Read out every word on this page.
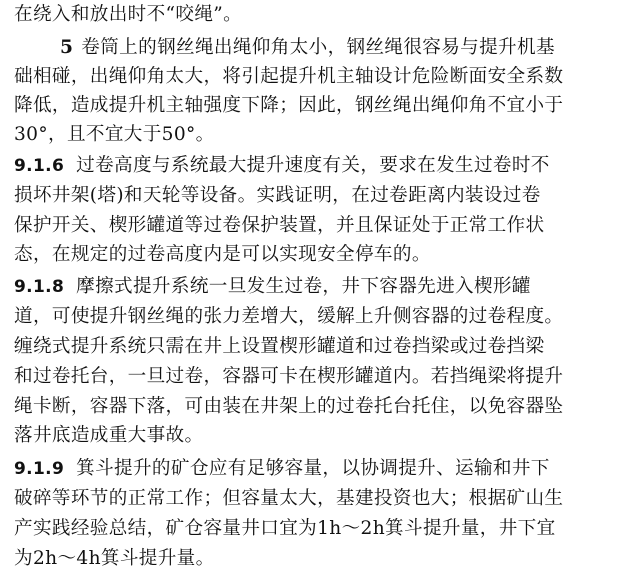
在绕入和放出时不“咬绳”。
5 卷筒上的钢丝绳出绳仰角太小，钢丝绳很容易与提升机基
础相碰，出绳仰角太大，将引起提升机主轴设计危险断面安全系数
降低，造成提升机主轴强度下降；因此，钢丝绳出绳仰角不宜小于
30°，且不宜大于50°。
9.1.6 过卷高度与系统最大提升速度有关，要求在发生过卷时不
损坏井架(塔)和天轮等设备。实践证明，在过卷距离内装设过卷
保护开关、楔形罐道等过卷保护装置，并且保证处于正常工作状
态，在规定的过卷高度内是可以实现安全停车的。
9.1.8 摩擦式提升系统一旦发生过卷，井下容器先进入楔形罐
道，可使提升钢丝绳的张力差增大，缓解上升侧容器的过卷程度。
缠绕式提升系统只需在井上设置楔形罐道和过卷挡梁或过卷挡梁
和过卷托台，一旦过卷，容器可卡在楔形罐道内。若挡绳梁将提升
绳卡断，容器下落，可由装在井架上的过卷托台托住，以免容器坠
落井底造成重大事故。
9.1.9 箕斗提升的矿仓应有足够容量，以协调提升、运输和井下
破碎等环节的正常工作；但容量太大，基建投资也大；根据矿山生
产实践经验总结，矿仓容量井口宜为1h～2h箕斗提升量，井下宜
为2h～4h箕斗提升量。
